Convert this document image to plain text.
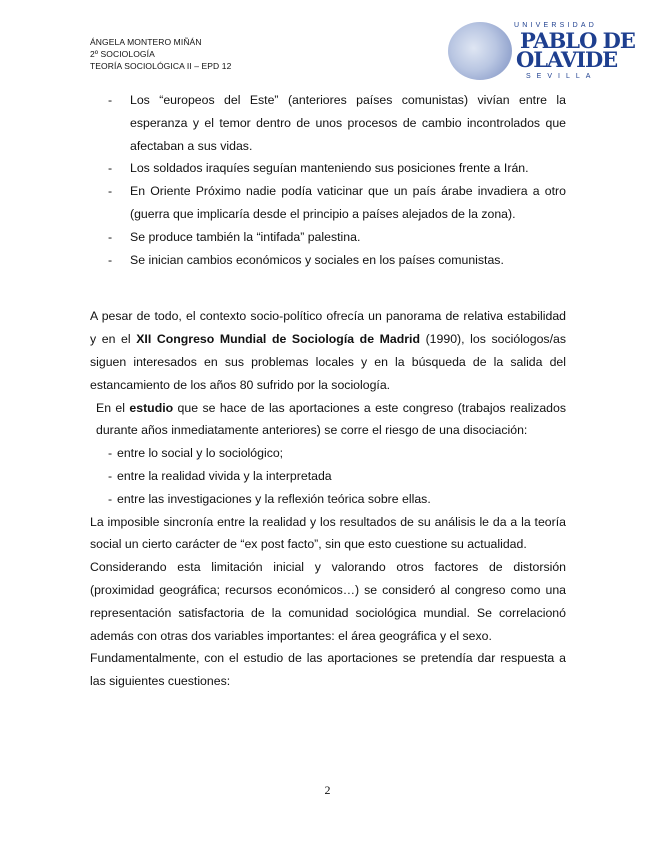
ÁNGELA MONTERO MIÑÁN
2º SOCIOLOGÍA
TEORÍA SOCIOLÓGICA II – EPD 12
UNIVERSIDAD
PABLO DE
OLAVIDE
SEVILLA
- Los “europeos del Este” (anteriores países comunistas) vivían entre la esperanza y el temor dentro de unos procesos de cambio incontrolados que afectaban a sus vidas.
- Los soldados iraquíes seguían manteniendo sus posiciones frente a Irán.
- En Oriente Próximo nadie podía vaticinar que un país árabe invadiera a otro (guerra que implicaría desde el principio a países alejados de la zona).
- Se produce también la “intifada” palestina.
- Se inician cambios económicos y sociales en los países comunistas.

A pesar de todo, el contexto socio-político ofrecía un panorama de relativa estabilidad y en el XII Congreso Mundial de Sociología de Madrid (1990), los sociólogos/as siguen interesados en sus problemas locales y en la búsqueda de la salida del estancamiento de los años 80 sufrido por la sociología.

En el estudio que se hace de las aportaciones a este congreso (trabajos realizados durante años inmediatamente anteriores) se corre el riesgo de una disociación:

- entre lo social y lo sociológico;
- entre la realidad vivida y la interpretada
- entre las investigaciones y la reflexión teórica sobre ellas.

La imposible sincronía entre la realidad y los resultados de su análisis le da a la teoría social un cierto carácter de “ex post facto”, sin que esto cuestione su actualidad.

Considerando esta limitación inicial y valorando otros factores de distorsión (proximidad geográfica; recursos económicos…) se consideró al congreso como una representación satisfactoria de la comunidad sociológica mundial. Se correlacionó además con otras dos variables importantes: el área geográfica y el sexo.

Fundamentalmente, con el estudio de las aportaciones se pretendía dar respuesta a las siguientes cuestiones:

2
